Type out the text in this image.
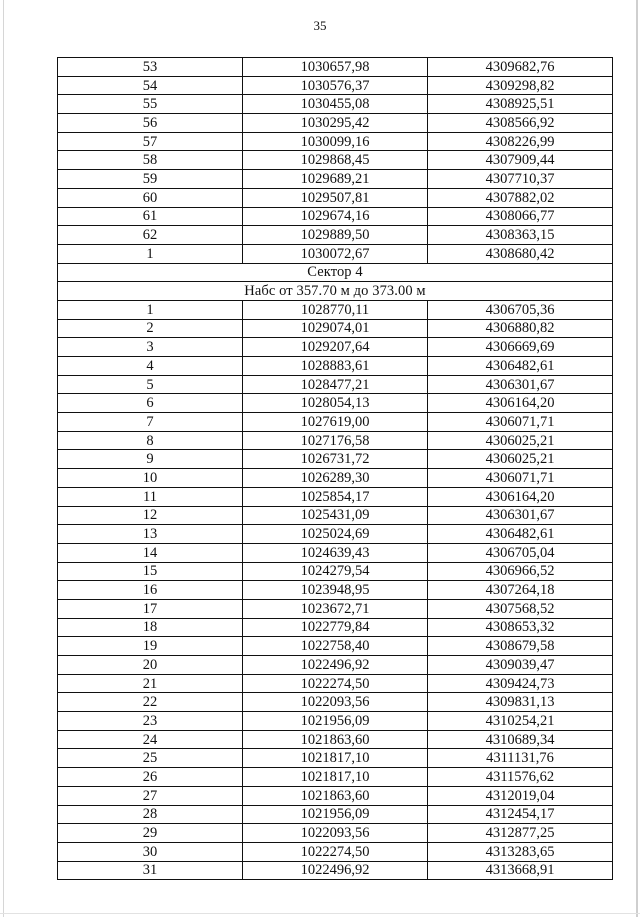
35
53	1030657,98	4309682,76
54	1030576,37	4309298,82
55	1030455,08	4308925,51
56	1030295,42	4308566,92
57	1030099,16	4308226,99
58	1029868,45	4307909,44
59	1029689,21	4307710,37
60	1029507,81	4307882,02
61	1029674,16	4308066,77
62	1029889,50	4308363,15
1	1030072,67	4308680,42
Сектор 4		
Набс от 357.70 м до 373.00 м		
1	1028770,11	4306705,36
2	1029074,01	4306880,82
3	1029207,64	4306669,69
4	1028883,61	4306482,61
5	1028477,21	4306301,67
6	1028054,13	4306164,20
7	1027619,00	4306071,71
8	1027176,58	4306025,21
9	1026731,72	4306025,21
10	1026289,30	4306071,71
11	1025854,17	4306164,20
12	1025431,09	4306301,67
13	1025024,69	4306482,61
14	1024639,43	4306705,04
15	1024279,54	4306966,52
16	1023948,95	4307264,18
17	1023672,71	4307568,52
18	1022779,84	4308653,32
19	1022758,40	4308679,58
20	1022496,92	4309039,47
21	1022274,50	4309424,73
22	1022093,56	4309831,13
23	1021956,09	4310254,21
24	1021863,60	4310689,34
25	1021817,10	4311131,76
26	1021817,10	4311576,62
27	1021863,60	4312019,04
28	1021956,09	4312454,17
29	1022093,56	4312877,25
30	1022274,50	4313283,65
31	1022496,92	4313668,91
